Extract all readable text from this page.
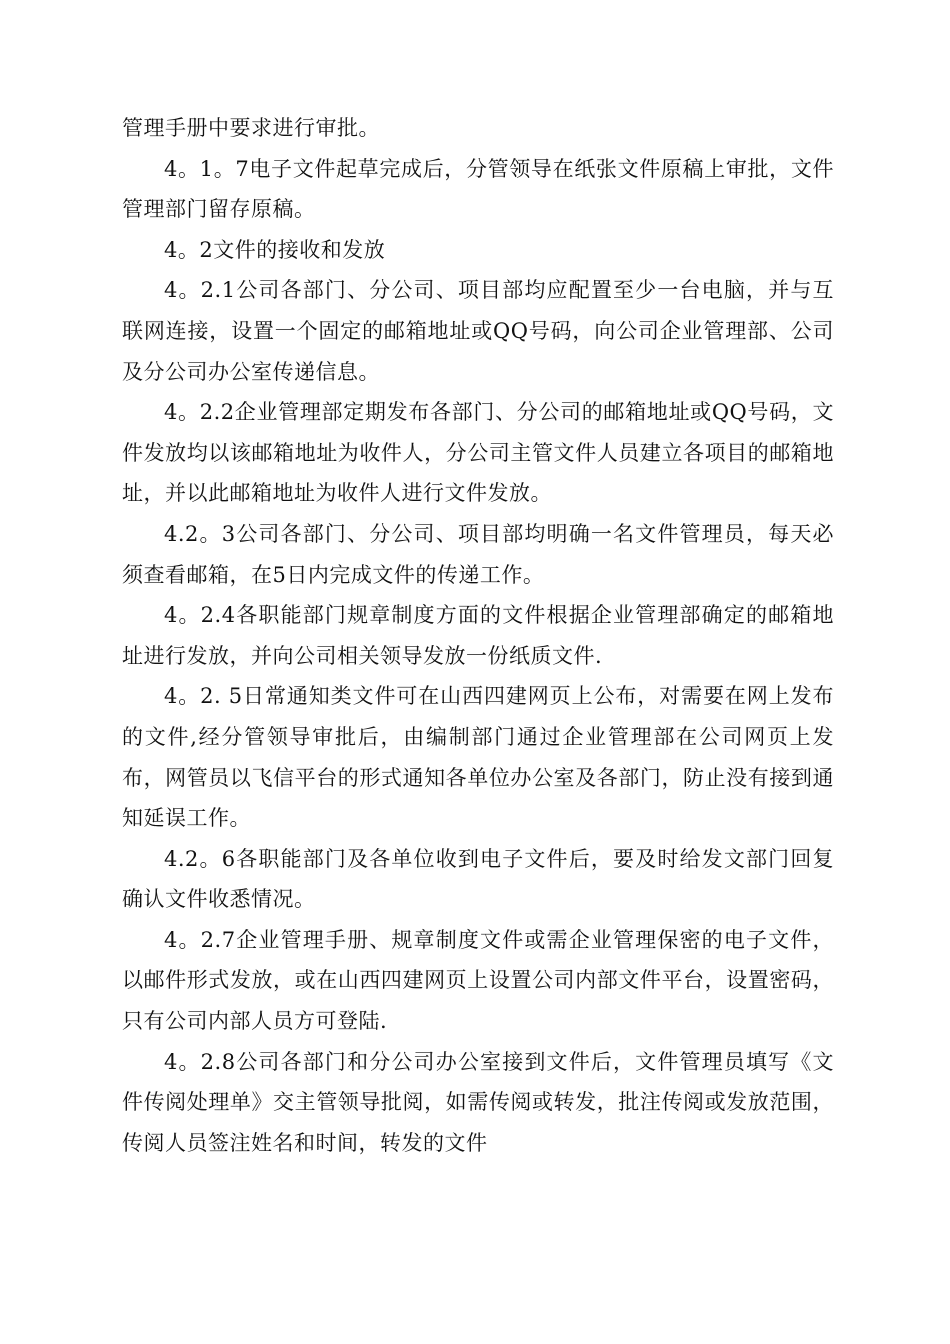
管理手册中要求进行审批。

4。1。7电子文件起草完成后，分管领导在纸张文件原稿上审批，文件管理部门留存原稿。

4。2文件的接收和发放

4。2.1公司各部门、分公司、项目部均应配置至少一台电脑，并与互联网连接，设置一个固定的邮箱地址或QQ号码，向公司企业管理部、公司及分公司办公室传递信息。

4。2.2企业管理部定期发布各部门、分公司的邮箱地址或QQ号码，文件发放均以该邮箱地址为收件人，分公司主管文件人员建立各项目的邮箱地址，并以此邮箱地址为收件人进行文件发放。

4.2。3公司各部门、分公司、项目部均明确一名文件管理员，每天必须查看邮箱，在5日内完成文件的传递工作。

4。2.4各职能部门规章制度方面的文件根据企业管理部确定的邮箱地址进行发放，并向公司相关领导发放一份纸质文件.

4。2. 5日常通知类文件可在山西四建网页上公布，对需要在网上发布的文件,经分管领导审批后，由编制部门通过企业管理部在公司网页上发布，网管员以飞信平台的形式通知各单位办公室及各部门，防止没有接到通知延误工作。

4.2。6各职能部门及各单位收到电子文件后，要及时给发文部门回复确认文件收悉情况。

4。2.7企业管理手册、规章制度文件或需企业管理保密的电子文件，以邮件形式发放，或在山西四建网页上设置公司内部文件平台，设置密码，只有公司内部人员方可登陆.

4。2.8公司各部门和分公司办公室接到文件后，文件管理员填写《文件传阅处理单》交主管领导批阅，如需传阅或转发，批注传阅或发放范围，传阅人员签注姓名和时间，转发的文件
